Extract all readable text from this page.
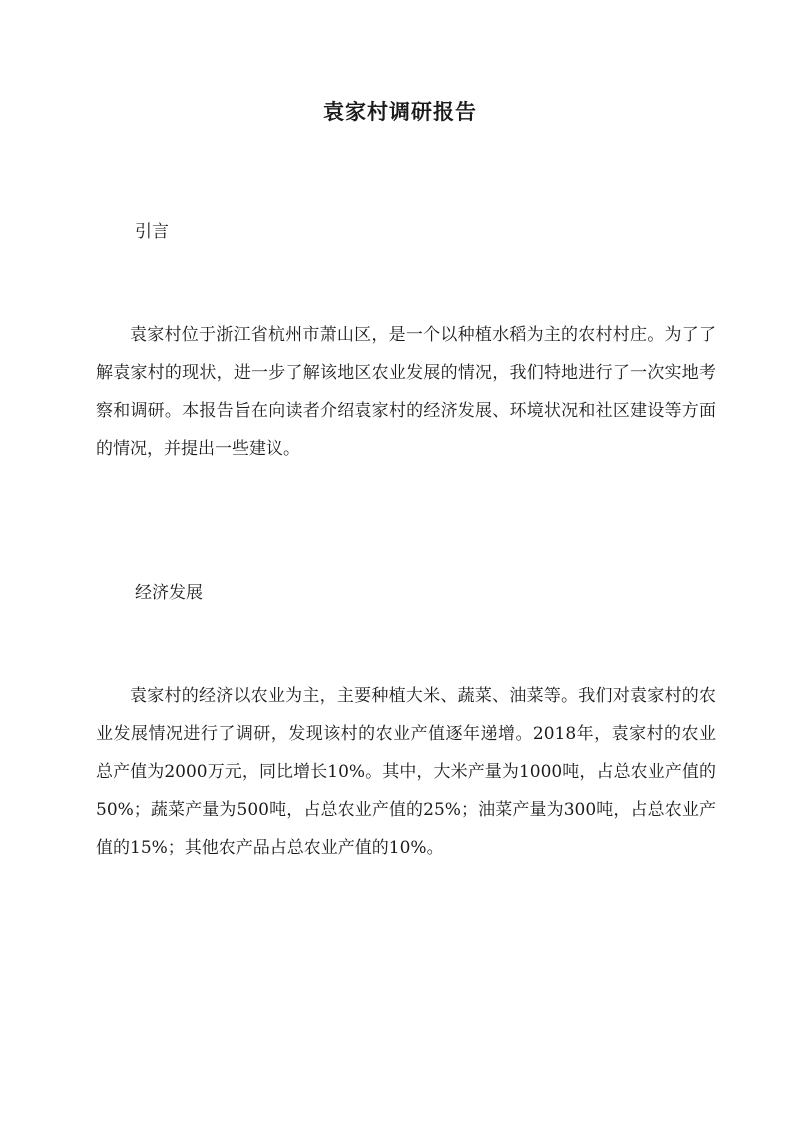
袁家村调研报告
引言

袁家村位于浙江省杭州市萧山区，是一个以种植水稻为主的农村村庄。为了了解袁家村的现状，进一步了解该地区农业发展的情况，我们特地进行了一次实地考察和调研。本报告旨在向读者介绍袁家村的经济发展、环境状况和社区建设等方面的情况，并提出一些建议。

经济发展

袁家村的经济以农业为主，主要种植大米、蔬菜、油菜等。我们对袁家村的农业发展情况进行了调研，发现该村的农业产值逐年递增。2018年，袁家村的农业总产值为2000万元，同比增长10%。其中，大米产量为1000吨，占总农业产值的50%；蔬菜产量为500吨，占总农业产值的25%；油菜产量为300吨，占总农业产值的15%；其他农产品占总农业产值的10%。
